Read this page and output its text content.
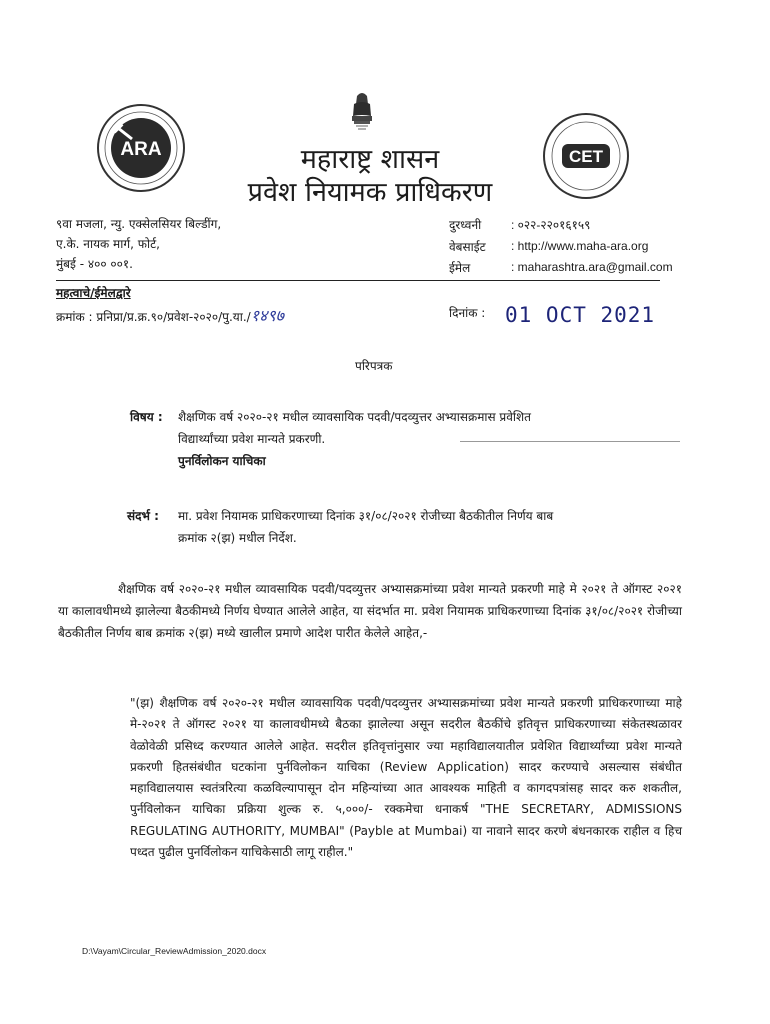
ARA	CET
महाराष्ट्र शासन
प्रवेश नियामक प्राधिकरण
९वा मजला, न्यु. एक्सेलसियर बिल्डींग,
ए.के. नायक मार्ग, फोर्ट,
मुंबई - ४०० ००१.
दुरध्वनी : ०२२-२२०१६१५९
वेबसाईट : http://www.maha-ara.org
ईमेल	: maharashtra.ara@gmail.com
महत्वाचे/ईमेलद्वारे
क्रमांक : प्रनिप्रा/प्र.क्र.९०/प्रवेश-२०२०/पु.या./१४९७	दिनांक : 01 OCT 2021
परिपत्रक
विषय : शैक्षणिक वर्ष २०२०-२१ मधील व्यावसायिक पदवी/पदव्युत्तर अभ्यासक्रमास प्रवेशित
विद्यार्थ्यांच्या प्रवेश मान्यते प्रकरणी.
पुनर्विलोकन याचिका
संदर्भ : मा. प्रवेश नियामक प्राधिकरणाच्या दिनांक ३१/०८/२०२१ रोजीच्या बैठकीतील निर्णय बाब
क्रमांक २(झ) मधील निर्देश.

शैक्षणिक वर्ष २०२०-२१ मधील व्यावसायिक पदवी/पदव्युत्तर अभ्यासक्रमांच्या प्रवेश मान्यते प्रकरणी माहे मे २०२१ ते ऑगस्ट २०२१ या कालावधीमध्ये झालेल्या बैठकीमध्ये निर्णय घेण्यात आलेले आहेत, या संदर्भात मा. प्रवेश नियामक प्राधिकरणाच्या दिनांक ३१/०८/२०२१ रोजीच्या बैठकीतील निर्णय बाब क्रमांक २(झ) मध्ये खालील प्रमाणे आदेश पारीत केलेले आहेत,-

"(झ) शैक्षणिक वर्ष २०२०-२१ मधील व्यावसायिक पदवी/पदव्युत्तर अभ्यासक्रमांच्या प्रवेश मान्यते प्रकरणी प्राधिकरणाच्या माहे मे-२०२१ ते ऑगस्ट २०२१ या कालावधीमध्ये बैठका झालेल्या असून सदरील बैठकींचे इतिवृत्त प्राधिकरणाच्या संकेतस्थळावर वेळोवेळी प्रसिध्द करण्यात आलेले आहेत. सदरील इतिवृत्तांनुसार ज्या महाविद्यालयातील प्रवेशित विद्यार्थ्यांच्या प्रवेश मान्यते प्रकरणी हितसंबंधीत घटकांना पुर्नविलोकन याचिका (Review Application) सादर करण्याचे असल्यास संबंधीत महाविद्यालयास स्वतंत्ररित्या कळविल्यापासून दोन महिन्यांच्या आत आवश्यक माहिती व कागदपत्रांसह सादर करु शकतील, पुर्नविलोकन याचिका प्रक्रिया शुल्क रु. ५,०००/- रक्कमेचा धनाकर्ष "THE SECRETARY, ADMISSIONS REGULATING AUTHORITY, MUMBAI" (Payble at Mumbai) या नावाने सादर करणे बंधनकारक राहील व हिच पध्दत पुढील पुनर्विलोकन याचिकेसाठी लागू राहील."
D:\Vayam\Circular_ReviewAdmission_2020.docx
